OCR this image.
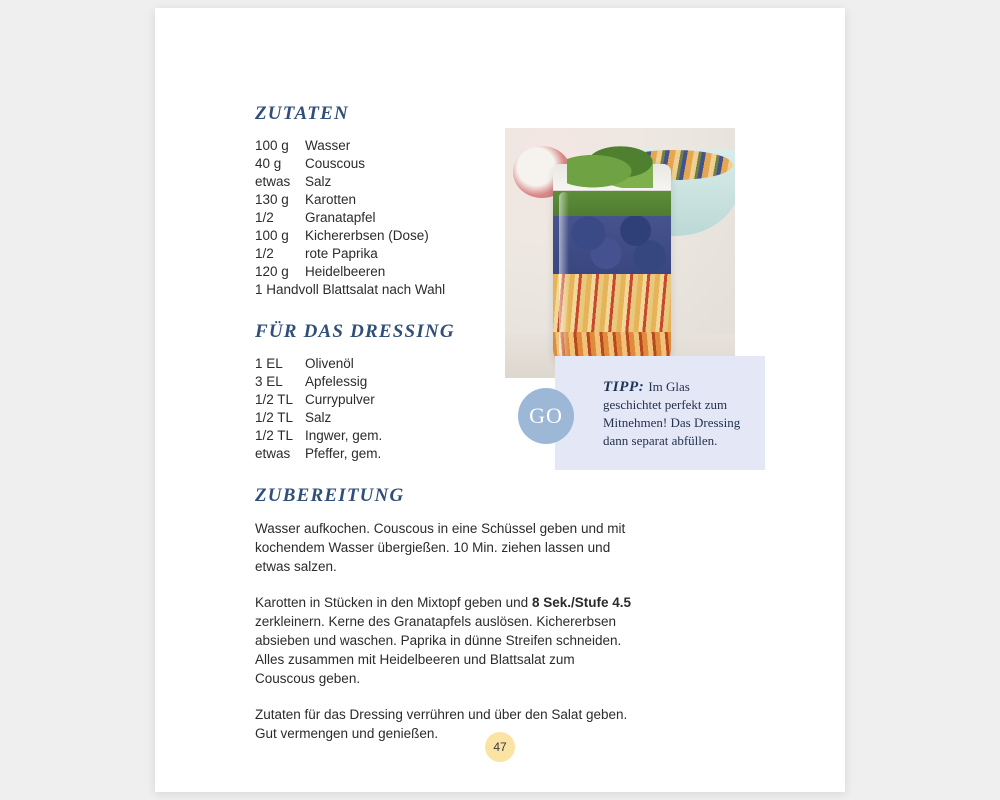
ZUTATEN
100 g	Wasser
40 g	Couscous
etwas	Salz
130 g	Karotten
1/2	Granatapfel
100 g	Kichererbsen (Dose)
1/2	rote Paprika
120 g	Heidelbeeren
1 Handvoll Blattsalat nach Wahl
FÜR DAS DRESSING
1 EL	Olivenöl
3 EL	Apfelessig
1/2 TL Currypulver
1/2 TL Salz
1/2 TL Ingwer, gem.
etwas	Pfeffer, gem.
ZUBEREITUNG

Wasser aufkochen. Couscous in eine Schüssel geben und mit kochendem Wasser übergießen. 10 Min. ziehen lassen und etwas salzen.

Karotten in Stücken in den Mixtopf geben und 8 Sek./Stufe 4.5 zerkleinern. Kerne des Granatapfels auslösen. Kichererbsen absieben und waschen. Paprika in dünne Streifen schneiden. Alles zusammen mit Heidelbeeren und Blattsalat zum Couscous geben.

Zutaten für das Dressing verrühren und über den Salat geben. Gut vermengen und genießen.

TIPP: Im Glas geschichtet perfekt zum Mitnehmen! Das Dressing dann separat abfüllen.
GO
47
